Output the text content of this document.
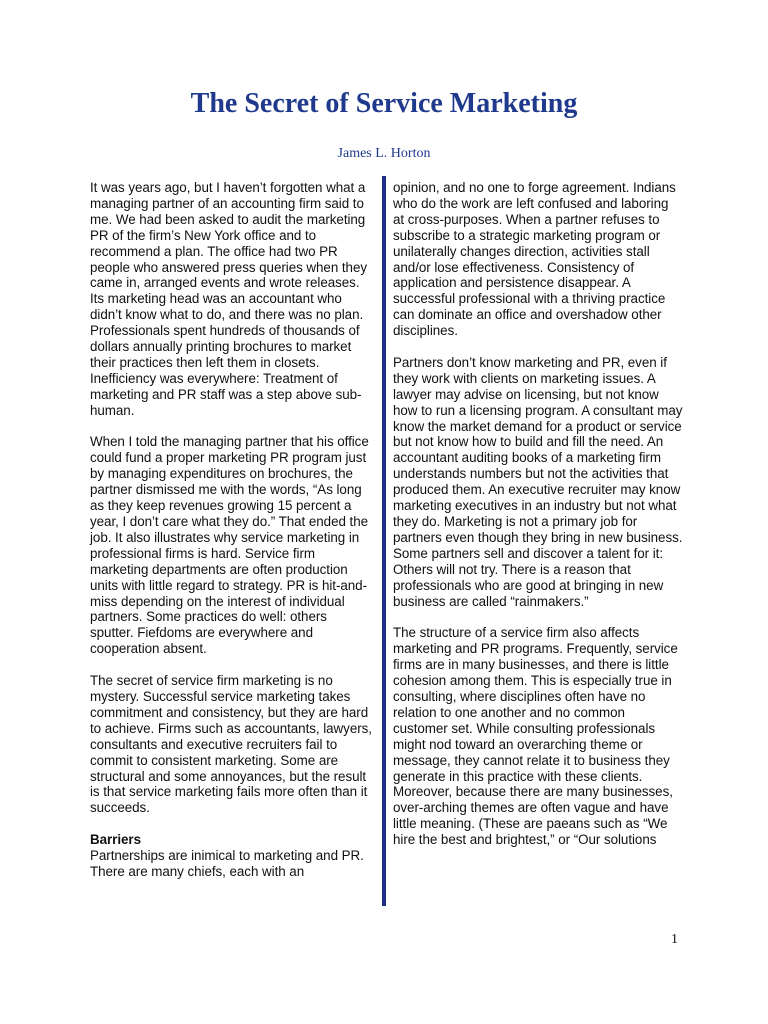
The Secret of Service Marketing
James L. Horton

It was years ago, but I haven’t forgotten what a managing partner of an accounting firm said to me. We had been asked to audit the marketing PR of the firm’s New York office and to recommend a plan. The office had two PR people who answered press queries when they came in, arranged events and wrote releases. Its marketing head was an accountant who didn’t know what to do, and there was no plan. Professionals spent hundreds of thousands of dollars annually printing brochures to market their practices then left them in closets. Inefficiency was everywhere: Treatment of marketing and PR staff was a step above sub-human.

When I told the managing partner that his office could fund a proper marketing PR program just by managing expenditures on brochures, the partner dismissed me with the words, “As long as they keep revenues growing 15 percent a year, I don’t care what they do.” That ended the job. It also illustrates why service marketing in professional firms is hard. Service firm marketing departments are often production units with little regard to strategy. PR is hit-and-miss depending on the interest of individual partners. Some practices do well: others sputter. Fiefdoms are everywhere and cooperation absent.

The secret of service firm marketing is no mystery. Successful service marketing takes commitment and consistency, but they are hard to achieve. Firms such as accountants, lawyers, consultants and executive recruiters fail to commit to consistent marketing. Some are structural and some annoyances, but the result is that service marketing fails more often than it succeeds.

Barriers

Partnerships are inimical to marketing and PR. There are many chiefs, each with an

opinion, and no one to forge agreement. Indians who do the work are left confused and laboring at cross-purposes. When a partner refuses to subscribe to a strategic marketing program or unilaterally changes direction, activities stall and/or lose effectiveness. Consistency of application and persistence disappear. A successful professional with a thriving practice can dominate an office and overshadow other disciplines.

Partners don’t know marketing and PR, even if they work with clients on marketing issues. A lawyer may advise on licensing, but not know how to run a licensing program. A consultant may know the market demand for a product or service but not know how to build and fill the need. An accountant auditing books of a marketing firm understands numbers but not the activities that produced them. An executive recruiter may know marketing executives in an industry but not what they do. Marketing is not a primary job for partners even though they bring in new business. Some partners sell and discover a talent for it: Others will not try. There is a reason that professionals who are good at bringing in new business are called “rainmakers.”

The structure of a service firm also affects marketing and PR programs. Frequently, service firms are in many businesses, and there is little cohesion among them. This is especially true in consulting, where disciplines often have no relation to one another and no common customer set. While consulting professionals might nod toward an overarching theme or message, they cannot relate it to business they generate in this practice with these clients. Moreover, because there are many businesses, over-arching themes are often vague and have little meaning. (These are paeans such as “We hire the best and brightest,” or “Our solutions

1
